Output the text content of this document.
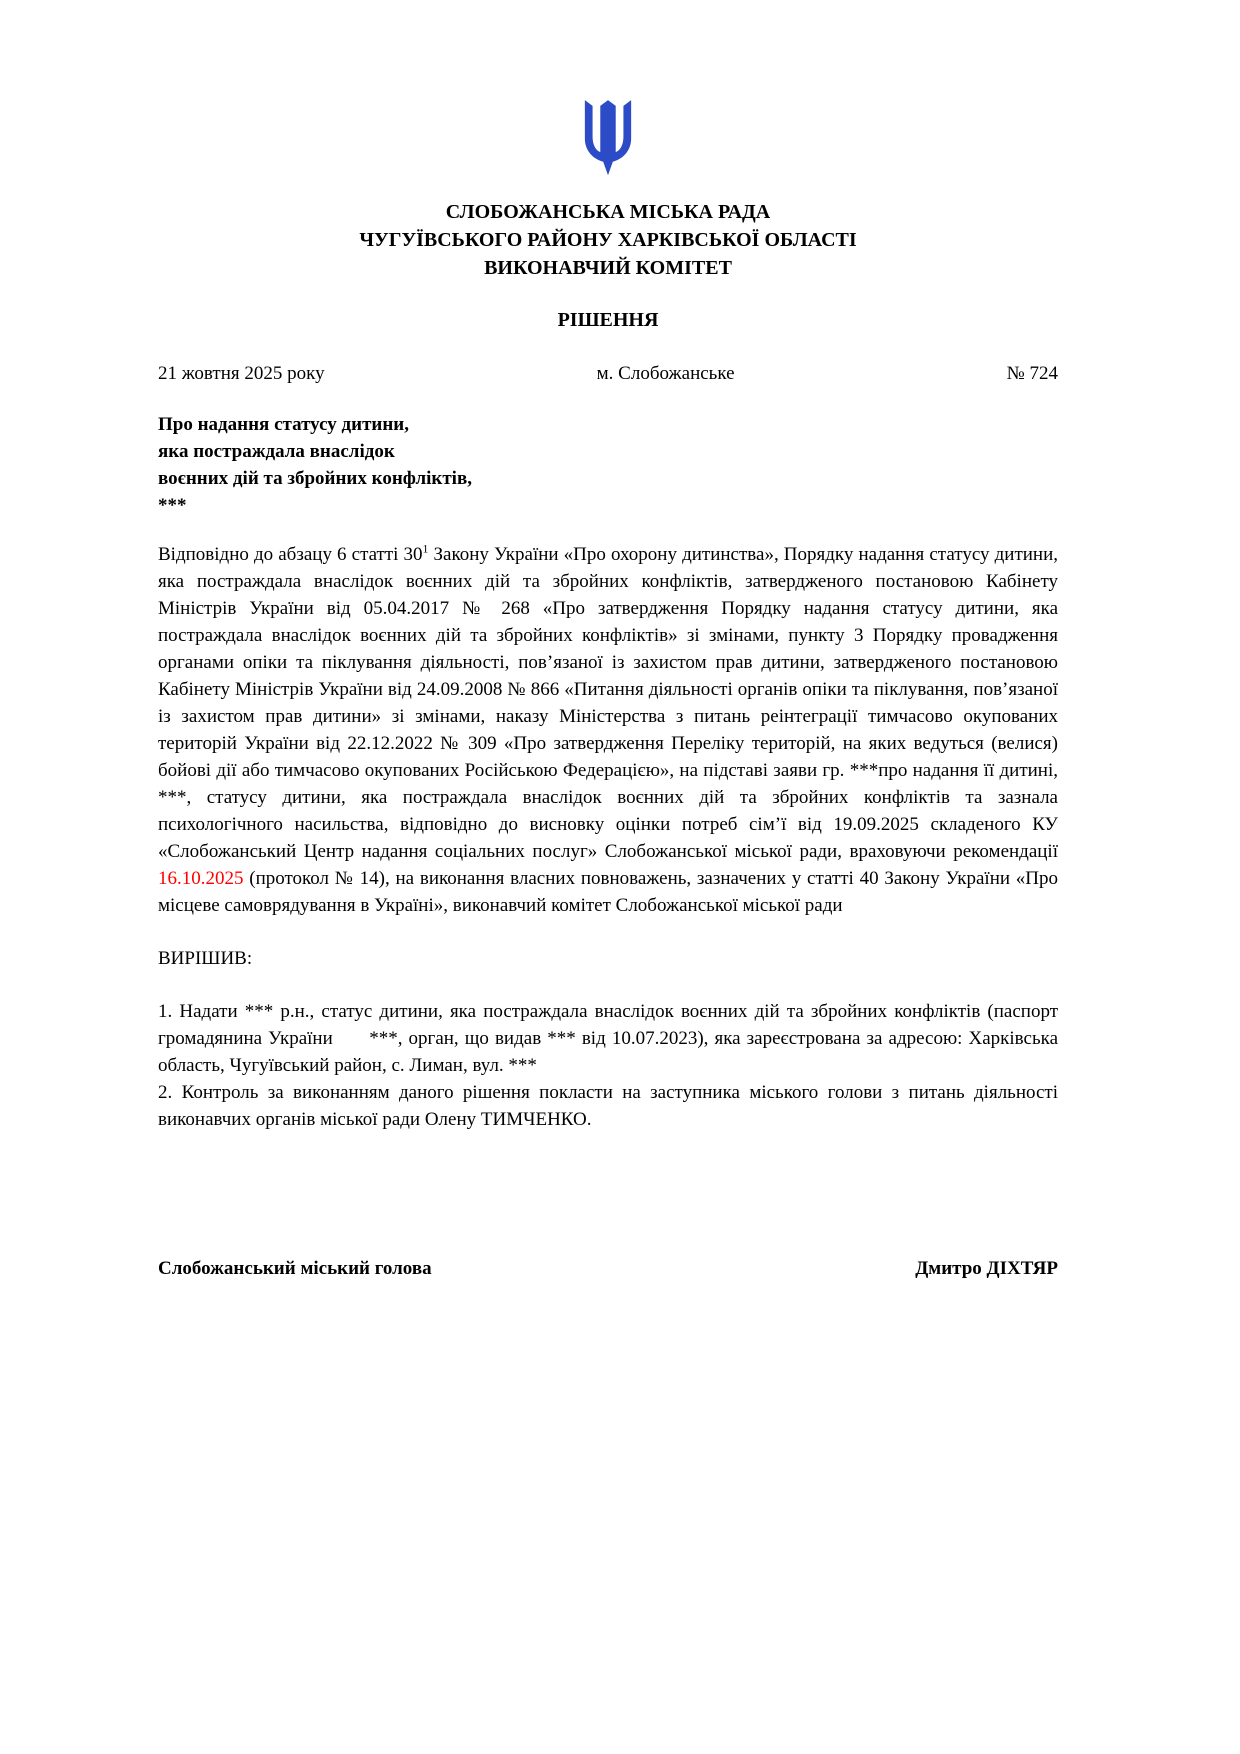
СЛОБОЖАНСЬКА МІСЬКА РАДА
ЧУГУЇВСЬКОГО РАЙОНУ ХАРКІВСЬКОЇ ОБЛАСТІ
ВИКОНАВЧИЙ КОМІТЕТ
РІШЕННЯ
21 жовтня 2025 року	м. Слобожанське	№ 724
Про надання статусу дитини,
яка постраждала внаслідок
воєнних дій та збройних конфліктів,
***

Відповідно до абзацу 6 статті $30^1$ Закону України «Про охорону дитинства», Порядку надання статусу дитини, яка постраждала внаслідок воєнних дій та збройних конфліктів, затвердженого постановою Кабінету Міністрів України від 05.04.2017 № 268 «Про затвердження Порядку надання статусу дитини, яка постраждала внаслідок воєнних дій та збройних конфліктів» зі змінами, пункту 3 Порядку провадження органами опіки та піклування діяльності, пов’язаної із захистом прав дитини, затвердженого постановою Кабінету Міністрів України від 24.09.2008 № 866 «Питання діяльності органів опіки та піклування, пов’язаної із захистом прав дитини» зі змінами, наказу Міністерства з питань реінтеграції тимчасово окупованих територій України від 22.12.2022 № 309 «Про затвердження Переліку територій, на яких ведуться (велися) бойові дії або тимчасово окупованих Російською Федерацією», на підставі заяви гр. ***про надання її дитині, ***, статусу дитини, яка постраждала внаслідок воєнних дій та збройних конфліктів та зазнала психологічного насильства, відповідно до висновку оцінки потреб сім’ї від 19.09.2025 складеного КУ «Слобожанський Центр надання соціальних послуг» Слобожанської міської ради, враховуючи рекомендації 16.10.2025 (протокол № 14), на виконання власних повноважень, зазначених у статті 40 Закону України «Про місцеве самоврядування в Україні», виконавчий комітет Слобожанської міської ради

ВИРІШИВ:

1. Надати *** р.н., статус дитини, яка постраждала внаслідок воєнних дій та збройних конфліктів (паспорт громадянина України      ***, орган, що видав *** від 10.07.2023), яка зареєстрована за адресою: Харківська область, Чугуївський район, с. Лиман, вул. ***

2. Контроль за виконанням даного рішення покласти на заступника міського голови з питань діяльності виконавчих органів міської ради Олену ТИМЧЕНКО.

Слобожанський міський голова	Дмитро ДІХТЯР
